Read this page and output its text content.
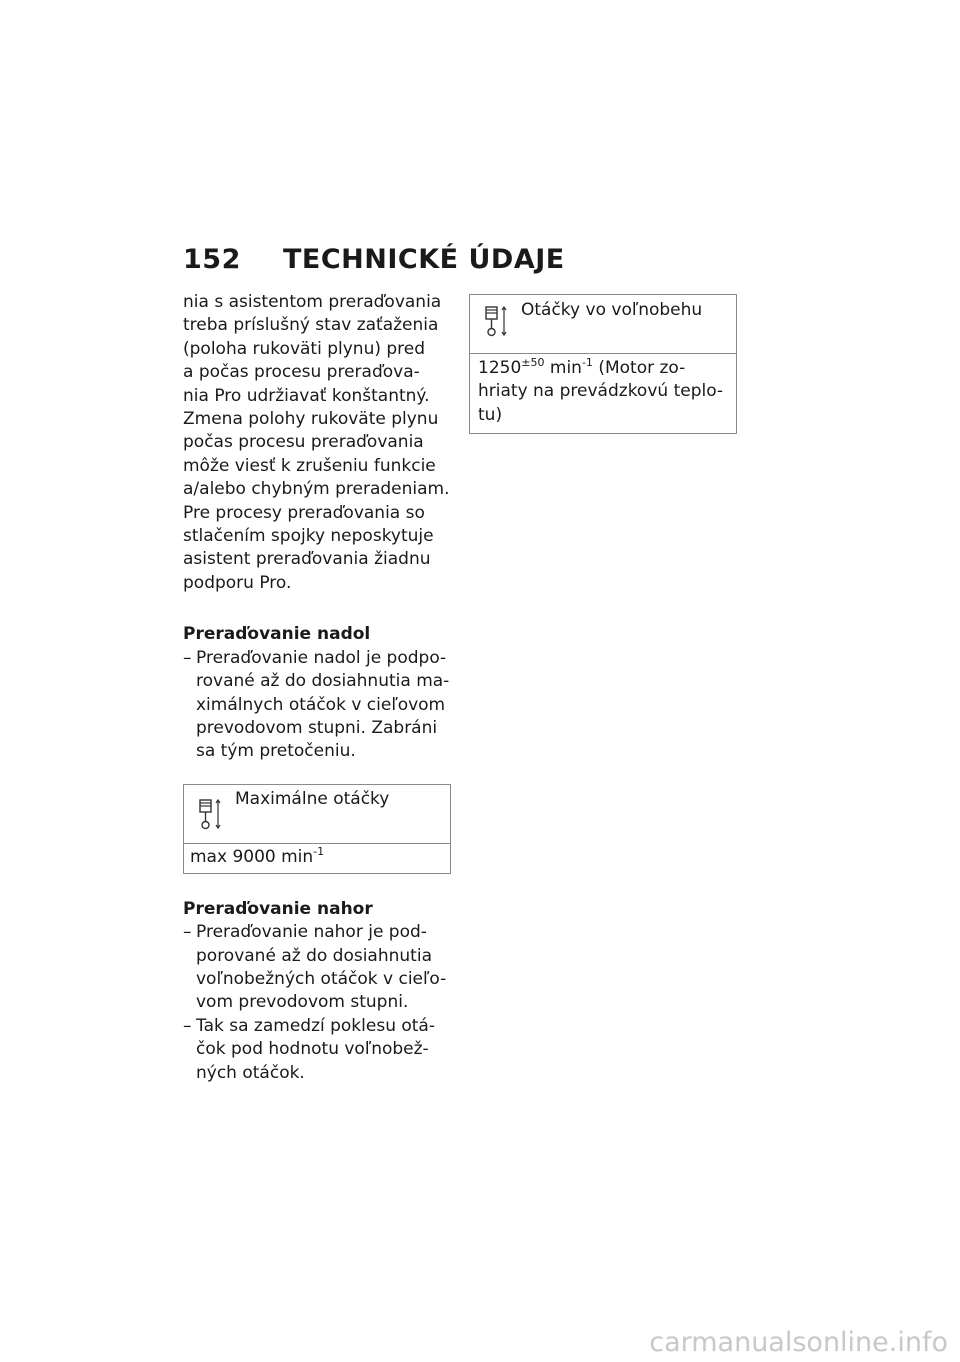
152 TECHNICKÉ ÚDAJE
nia s asistentom preraďovania
treba príslušný stav zaťaženia
(poloha rukoväti plynu) pred
a počas procesu preraďova-
nia Pro udržiavať konštantný.
Zmena polohy rukoväte plynu
počas procesu preraďovania
môže viesť k zrušeniu funkcie
a/alebo chybným preradeniam.
Pre procesy preraďovania so
stlačením spojky neposkytuje
asistent preraďovania žiadnu
podporu Pro.
Preraďovanie nadol
– Preraďovanie nadol je podpo-
rované až do dosiahnutia ma-
ximálnych otáčok v cieľovom
prevodovom stupni. Zabráni
sa tým pretočeniu.
Maximálne otáčky
max 9000 $\min^{-1}$
Preraďovanie nahor
– Preraďovanie nahor je pod-
porované až do dosiahnutia
voľnobežných otáčok v cieľo-
vom prevodovom stupni.
– Tak sa zamedzí poklesu otá-
čok pod hodnotu voľnobež-
ných otáčok.
Otáčky vo voľnobehu
$1250^{\pm 50}$ $\min^{-1}$ (Motor zo-
hriaty na prevádzkovú teplo-
tu)
carmanualsonline.info
